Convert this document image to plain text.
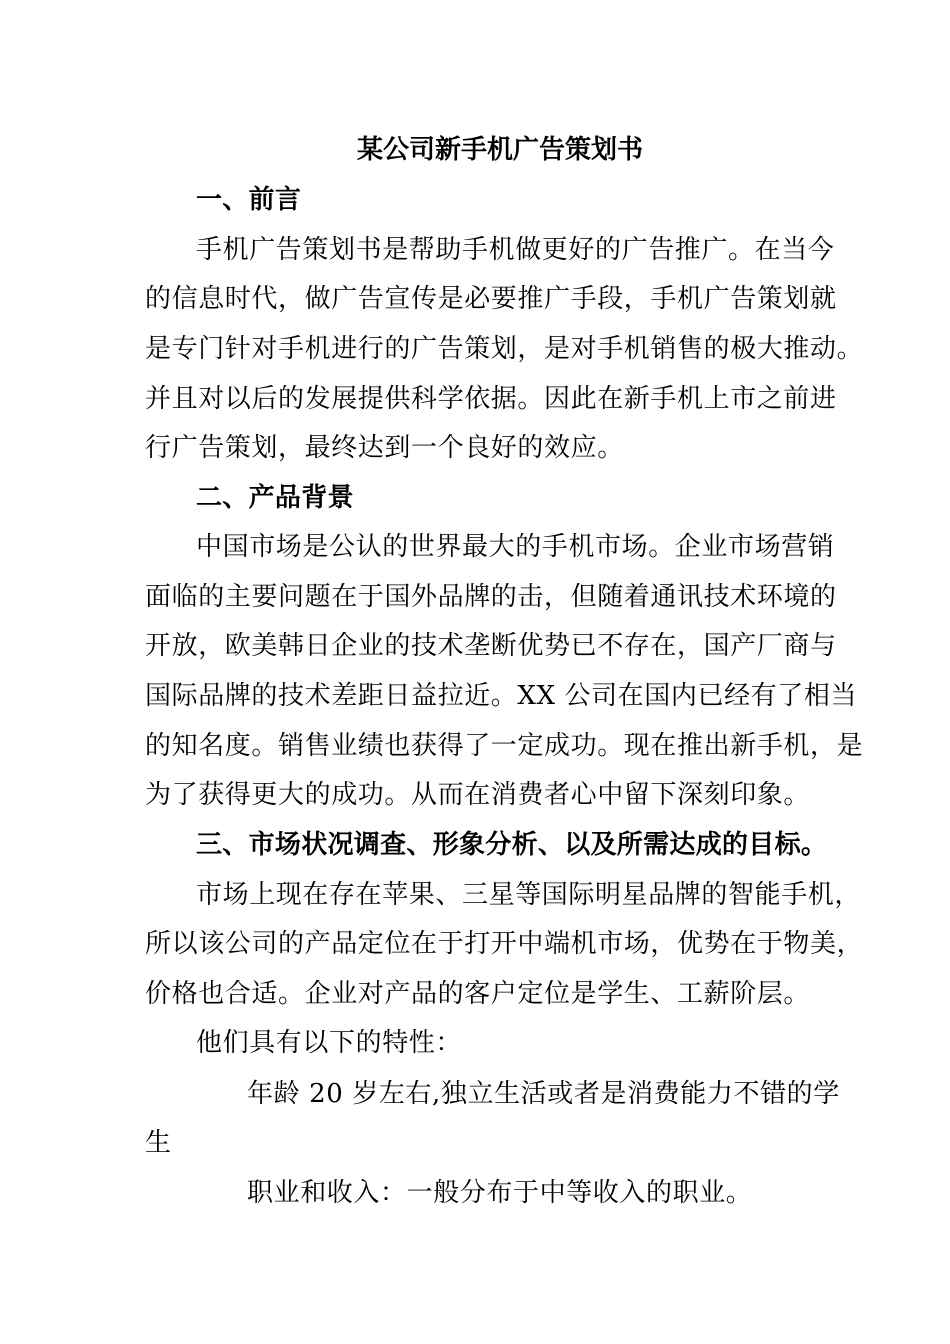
某公司新手机广告策划书
一、前言
手机广告策划书是帮助手机做更好的广告推广。在当今
的信息时代，做广告宣传是必要推广手段，手机广告策划就
是专门针对手机进行的广告策划，是对手机销售的极大推动。
并且对以后的发展提供科学依据。因此在新手机上市之前进
行广告策划，最终达到一个良好的效应。
二、产品背景
中国市场是公认的世界最大的手机市场。企业市场营销
面临的主要问题在于国外品牌的击，但随着通讯技术环境的
开放，欧美韩日企业的技术垄断优势已不存在，国产厂商与
国际品牌的技术差距日益拉近。XX 公司在国内已经有了相当
的知名度。销售业绩也获得了一定成功。现在推出新手机，是
为了获得更大的成功。从而在消费者心中留下深刻印象。
三、市场状况调查、形象分析、以及所需达成的目标。
市场上现在存在苹果、三星等国际明星品牌的智能手机，
所以该公司的产品定位在于打开中端机市场，优势在于物美，
价格也合适。企业对产品的客户定位是学生、工薪阶层。
他们具有以下的特性：
年龄 20 岁左右,独立生活或者是消费能力不错的学
生
职业和收入：一般分布于中等收入的职业。
